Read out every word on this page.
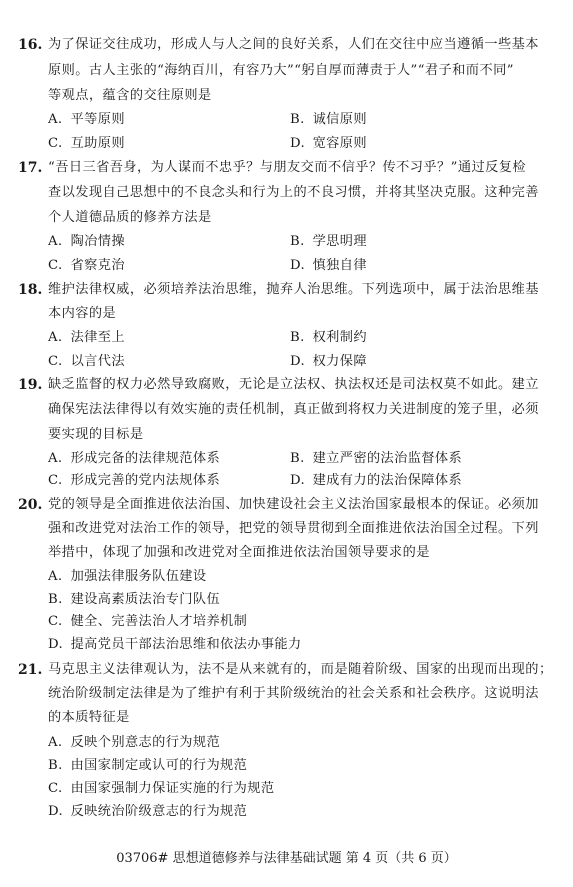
16. 为了保证交往成功，形成人与人之间的良好关系，人们在交往中应当遵循一些基本
原则。古人主张的“海纳百川，有容乃大”“躬自厚而薄责于人”“君子和而不同”
等观点，蕴含的交往原则是
A. 平等原则	B. 诚信原则
C. 互助原则	D. 宽容原则
17. “吾日三省吾身，为人谋而不忠乎？与朋友交而不信乎？传不习乎？”通过反复检
查以发现自己思想中的不良念头和行为上的不良习惯，并将其坚决克服。这种完善
个人道德品质的修养方法是
A. 陶冶情操	B. 学思明理
C. 省察克治	D. 慎独自律
18. 维护法律权威，必须培养法治思维，抛弃人治思维。下列选项中，属于法治思维基
本内容的是
A. 法律至上	B. 权利制约
C. 以言代法	D. 权力保障
19. 缺乏监督的权力必然导致腐败，无论是立法权、执法权还是司法权莫不如此。建立
确保宪法法律得以有效实施的责任机制，真正做到将权力关进制度的笼子里，必须
要实现的目标是
A. 形成完备的法律规范体系	B. 建立严密的法治监督体系
C. 形成完善的党内法规体系	D. 建成有力的法治保障体系
20. 党的领导是全面推进依法治国、加快建设社会主义法治国家最根本的保证。必须加
强和改进党对法治工作的领导，把党的领导贯彻到全面推进依法治国全过程。下列
举措中，体现了加强和改进党对全面推进依法治国领导要求的是
A. 加强法律服务队伍建设
B. 建设高素质法治专门队伍
C. 健全、完善法治人才培养机制
D. 提高党员干部法治思维和依法办事能力
21. 马克思主义法律观认为，法不是从来就有的，而是随着阶级、国家的出现而出现的；
统治阶级制定法律是为了维护有利于其阶级统治的社会关系和社会秩序。这说明法
的本质特征是
A. 反映个别意志的行为规范
B. 由国家制定或认可的行为规范
C. 由国家强制力保证实施的行为规范
D. 反映统治阶级意志的行为规范
03706# 思想道德修养与法律基础试题 第 4 页（共 6 页）
